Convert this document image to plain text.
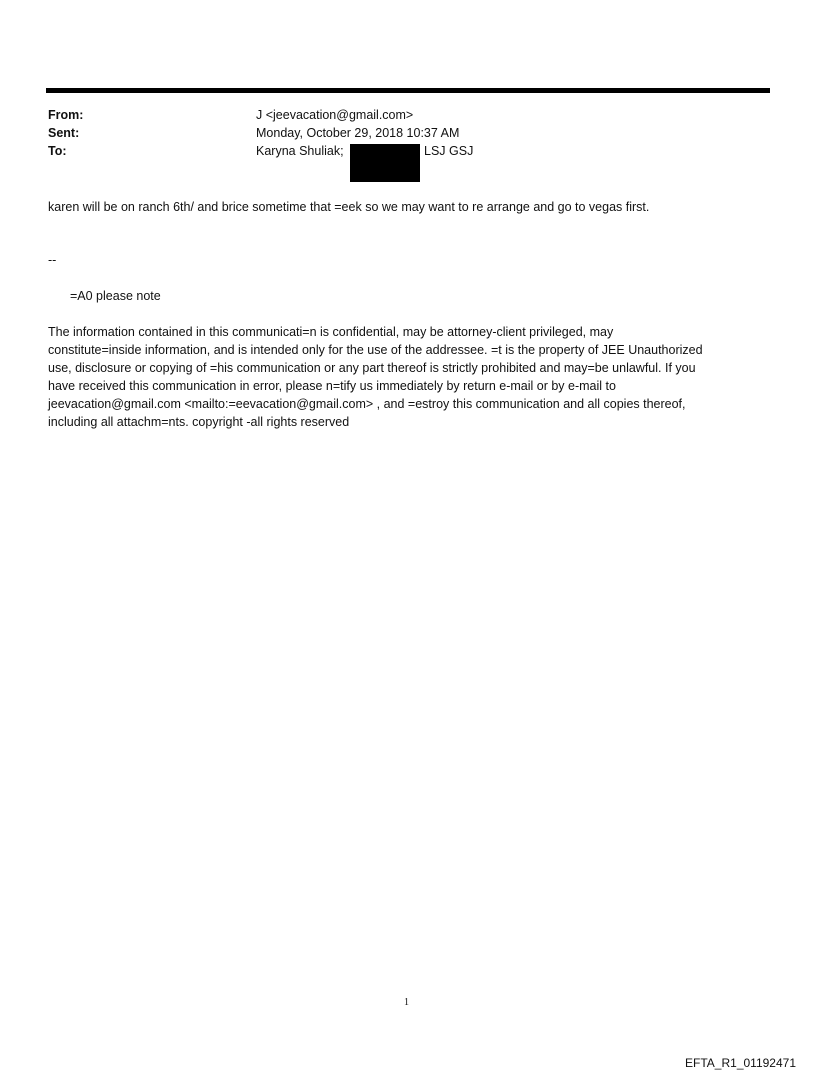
From:	J <jeevacation@gmail.com>
Sent:	Monday, October 29, 2018 10:37 AM
To:	Karyna Shuliak;	LSJ GSJ
karen will be on ranch 6th/ and brice sometime that =eek so we may want to re arrange and go to vegas first.
--
=A0 please note
The information contained in this communicati=n is confidential, may be attorney-client privileged, may
constitute=inside information, and is intended only for the use of the addressee. =t is the property of JEE Unauthorized
use, disclosure or copying of =his communication or any part thereof is strictly prohibited and may=be unlawful. If you
have received this communication in error, please n=tify us immediately by return e-mail or by e-mail to
jeevacation@gmail.com <mailto:=eevacation@gmail.com> , and =estroy this communication and all copies thereof,
including all attachm=nts. copyright -all rights reserved
1
EFTA_R1_01192471
